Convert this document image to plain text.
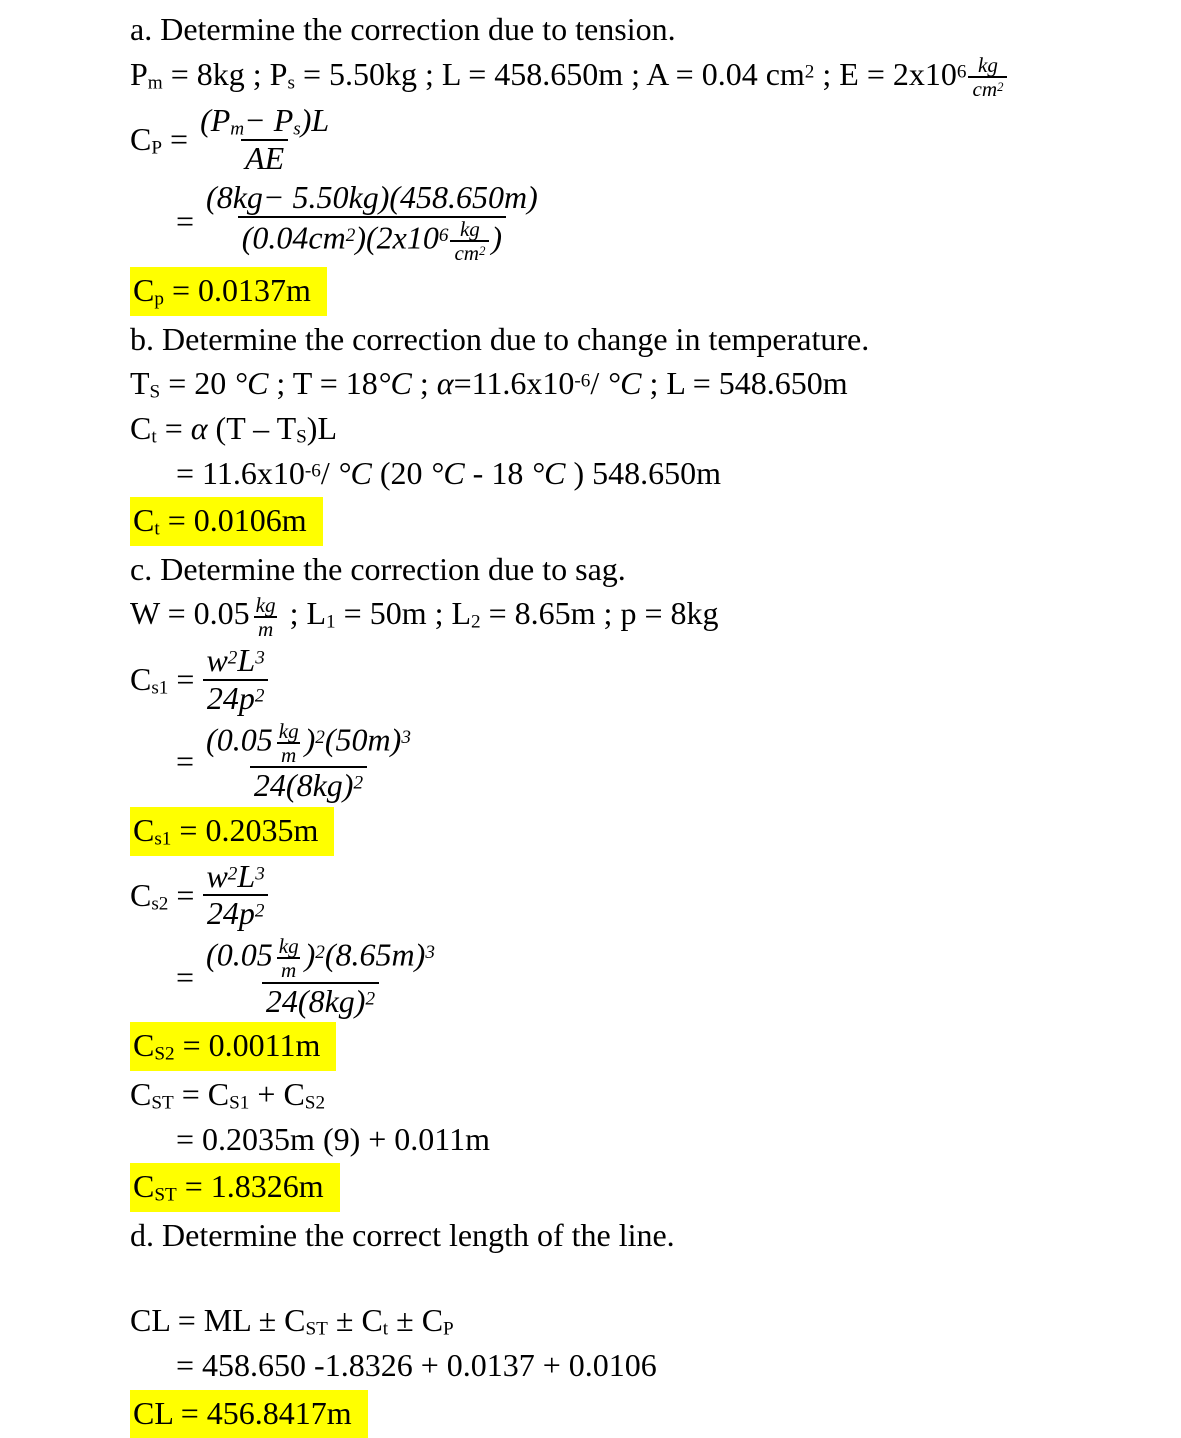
a. Determine the correction due to tension.
$P_m = 8kg$ ; $P_s = 5.50kg$ ; L = 458.650m ; A = 0.04 $cm^2$ ; $E = 2x10^6 \frac{kg}{cm^2}$
$C_P = \frac{(P_m- P_s)L}{AE}$
= $\frac{(8kg- 5.50kg)(458.650m)}{(0.04cm^2)(2x10^6 \frac{kg}{cm^2} )}$
$C_p = 0.0137m$
b. Determine the correction due to change in temperature.
$T_S = 20$ °C ; T = 18°C ; $\alpha=11.6x10^{-6}/$ °C ; L = 548.650m
$C_t = \alpha$ $(T - T_S)L$
= $11.6x10^{-6}/$ °C (20 °C - 18 °C ) 548.650m
$C_t = 0.0106m$
c. Determine the correction due to sag.
$W = 0.05 \frac{kg}{m}$ ; $L_1 = 50m$ ; $L_2 = 8.65m$ ; p = 8kg
$C_{s1} = \frac{w^2L^3}{24p^2}$
= $\frac{(0.05 \frac{kg}{m} )^2(50m)^3}{24(8kg)^2}$
$C_{s1} = 0.2035m$
$C_{s2} = \frac{w^2L^3}{24p^2}$
= $\frac{(0.05 \frac{kg}{m} )^2(8.65m)^3}{24(8kg)^2}$
$C_{S2} = 0.0011m$
$C_{ST} = C_{S1} + C_{S2}$
= 0.2035m (9) + 0.011m
$C_{ST} = 1.8326m$
d. Determine the correct length of the line.
CL = ML ± $C_{ST} \pm C_t \pm C_P$
= 458.650 -1.8326 + 0.0137 + 0.0106
CL = 456.8417m
